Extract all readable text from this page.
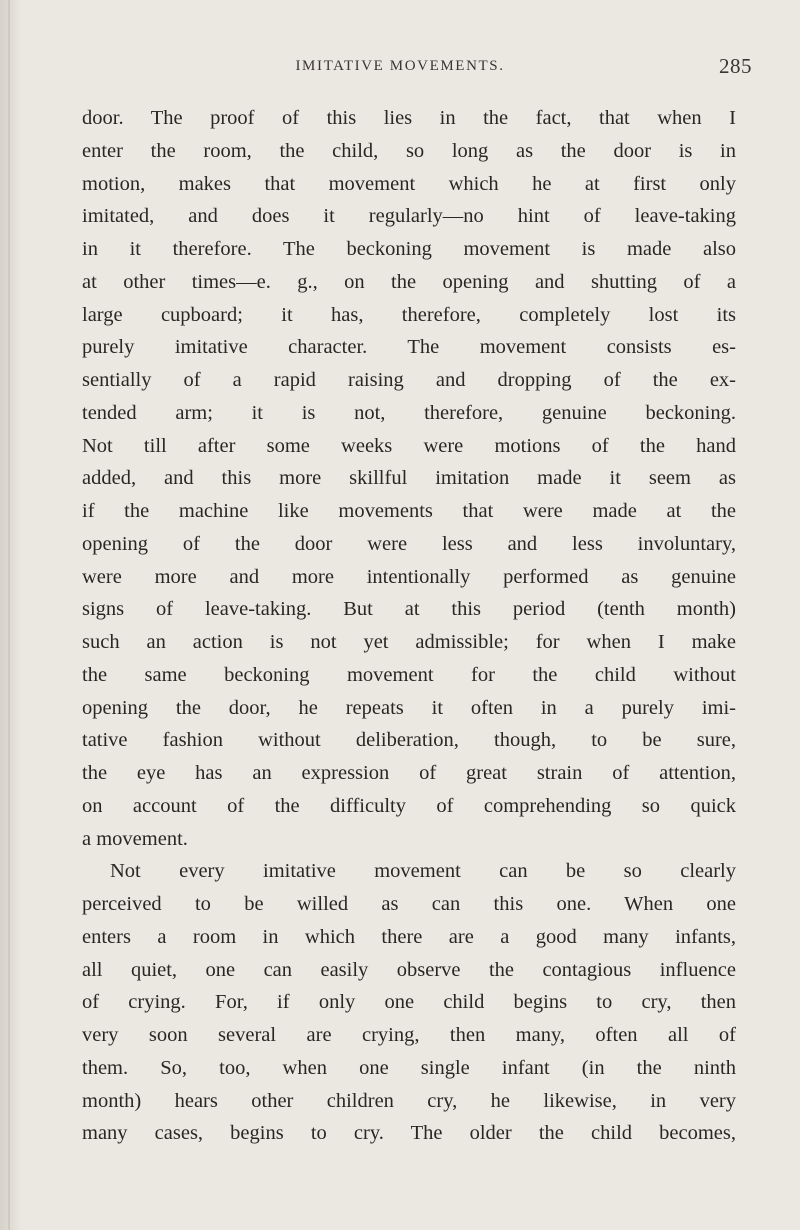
IMITATIVE MOVEMENTS.	285
door. The proof of this lies in the fact, that when I
enter the room, the child, so long as the door is in
motion, makes that movement which he at first only
imitated, and does it regularly—no hint of leave-taking
in it therefore. The beckoning movement is made also
at other times—e. g., on the opening and shutting of a
large cupboard; it has, therefore, completely lost its
purely imitative character. The movement consists es-
sentially of a rapid raising and dropping of the ex-
tended arm; it is not, therefore, genuine beckoning.
Not till after some weeks were motions of the hand
added, and this more skillful imitation made it seem as
if the machine like movements that were made at the
opening of the door were less and less involuntary,
were more and more intentionally performed as genuine
signs of leave-taking. But at this period (tenth month)
such an action is not yet admissible; for when I make
the same beckoning movement for the child without
opening the door, he repeats it often in a purely imi-
tative fashion without deliberation, though, to be sure,
the eye has an expression of great strain of attention,
on account of the difficulty of comprehending so quick
a movement.
Not every imitative movement can be so clearly
perceived to be willed as can this one. When one
enters a room in which there are a good many infants,
all quiet, one can easily observe the contagious influence
of crying. For, if only one child begins to cry, then
very soon several are crying, then many, often all of
them. So, too, when one single infant (in the ninth
month) hears other children cry, he likewise, in very
many cases, begins to cry. The older the child becomes,
